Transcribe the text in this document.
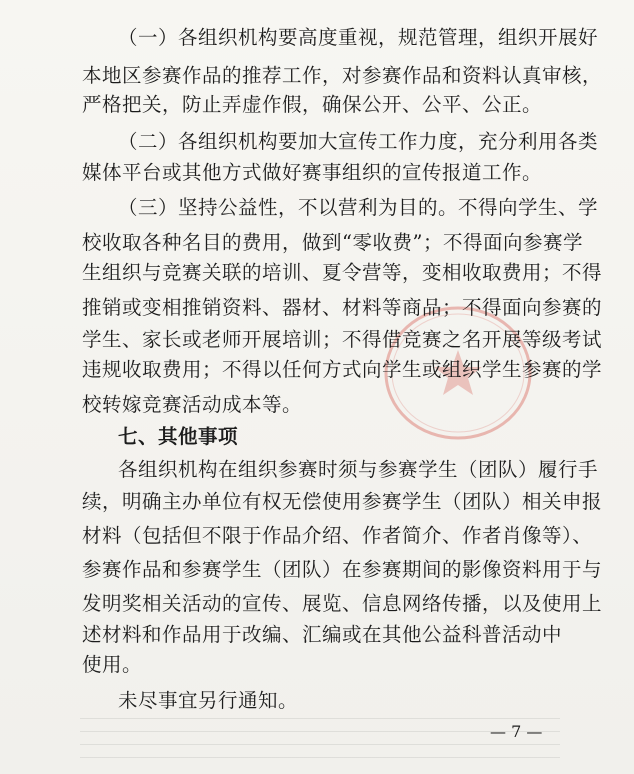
（一）各组织机构要高度重视，规范管理，组织开展好
本地区参赛作品的推荐工作，对参赛作品和资料认真审核，
严格把关，防止弄虚作假，确保公开、公平、公正。
（二）各组织机构要加大宣传工作力度，充分利用各类
媒体平台或其他方式做好赛事组织的宣传报道工作。
（三）坚持公益性，不以营利为目的。不得向学生、学
校收取各种名目的费用，做到“零收费”；不得面向参赛学
生组织与竞赛关联的培训、夏令营等，变相收取费用；不得
推销或变相推销资料、器材、材料等商品；不得面向参赛的
学生、家长或老师开展培训；不得借竞赛之名开展等级考试
违规收取费用；不得以任何方式向学生或组织学生参赛的学
校转嫁竞赛活动成本等。
七、其他事项
各组织机构在组织参赛时须与参赛学生（团队）履行手
续，明确主办单位有权无偿使用参赛学生（团队）相关申报
材料（包括但不限于作品介绍、作者简介、作者肖像等）、
参赛作品和参赛学生（团队）在参赛期间的影像资料用于与
发明奖相关活动的宣传、展览、信息网络传播，以及使用上
述材料和作品用于改编、汇编或在其他公益科普活动中
使用。
未尽事宜另行通知。
— 7 —
